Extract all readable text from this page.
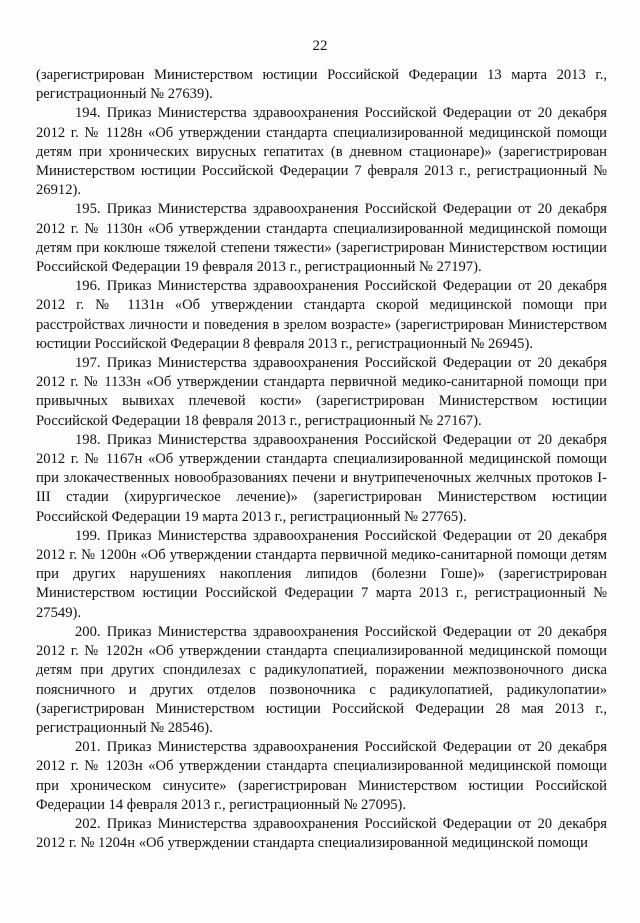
22

(зарегистрирован Министерством юстиции Российской Федерации 13 марта 2013 г., регистрационный № 27639).

194. Приказ Министерства здравоохранения Российской Федерации от 20 декабря 2012 г. № 1128н «Об утверждении стандарта специализированной медицинской помощи детям при хронических вирусных гепатитах (в дневном стационаре)» (зарегистрирован Министерством юстиции Российской Федерации 7 февраля 2013 г., регистрационный № 26912).

195. Приказ Министерства здравоохранения Российской Федерации от 20 декабря 2012 г. № 1130н «Об утверждении стандарта специализированной медицинской помощи детям при коклюше тяжелой степени тяжести» (зарегистрирован Министерством юстиции Российской Федерации 19 февраля 2013 г., регистрационный № 27197).

196. Приказ Министерства здравоохранения Российской Федерации от 20 декабря 2012 г. № 1131н «Об утверждении стандарта скорой медицинской помощи при расстройствах личности и поведения в зрелом возрасте» (зарегистрирован Министерством юстиции Российской Федерации 8 февраля 2013 г., регистрационный № 26945).

197. Приказ Министерства здравоохранения Российской Федерации от 20 декабря 2012 г. № 1133н «Об утверждении стандарта первичной медико-санитарной помощи при привычных вывихах плечевой кости» (зарегистрирован Министерством юстиции Российской Федерации 18 февраля 2013 г., регистрационный № 27167).

198. Приказ Министерства здравоохранения Российской Федерации от 20 декабря 2012 г. № 1167н «Об утверждении стандарта специализированной медицинской помощи при злокачественных новообразованиях печени и внутрипеченочных желчных протоков I-III стадии (хирургическое лечение)» (зарегистрирован Министерством юстиции Российской Федерации 19 марта 2013 г., регистрационный № 27765).

199. Приказ Министерства здравоохранения Российской Федерации от 20 декабря 2012 г. № 1200н «Об утверждении стандарта первичной медико-санитарной помощи детям при других нарушениях накопления липидов (болезни Гоше)» (зарегистрирован Министерством юстиции Российской Федерации 7 марта 2013 г., регистрационный № 27549).

200. Приказ Министерства здравоохранения Российской Федерации от 20 декабря 2012 г. № 1202н «Об утверждении стандарта специализированной медицинской помощи детям при других спондилезах с радикулопатией, поражении межпозвоночного диска поясничного и других отделов позвоночника с радикулопатией, радикулопатии» (зарегистрирован Министерством юстиции Российской Федерации 28 мая 2013 г., регистрационный № 28546).

201. Приказ Министерства здравоохранения Российской Федерации от 20 декабря 2012 г. № 1203н «Об утверждении стандарта специализированной медицинской помощи при хроническом синусите» (зарегистрирован Министерством юстиции Российской Федерации 14 февраля 2013 г., регистрационный № 27095).

202. Приказ Министерства здравоохранения Российской Федерации от 20 декабря 2012 г. № 1204н «Об утверждении стандарта специализированной медицинской помощи
